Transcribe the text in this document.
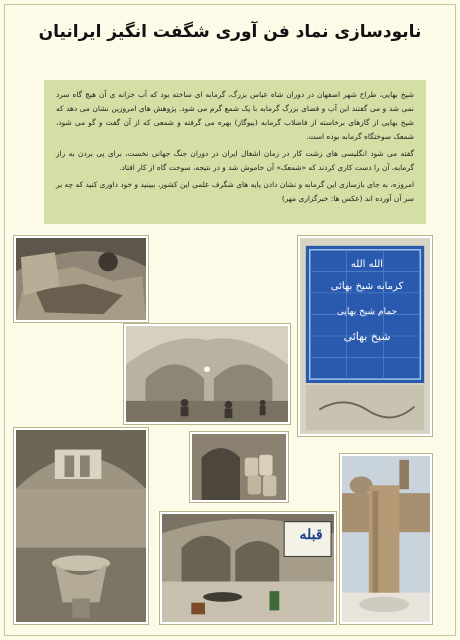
نابودسازی نماد فن آوری شگفت انگیز ایرانیان

شیخ بهایی، طراح شهر اصفهان در دوران شاه عباس بزرگ، گرمابه ای ساخته بود که آب خزانه ی آن هیچ گاه سرد نمی شد و می گفتند این آب و فضای بزرگ گرمابه با یک شمع گرم می شود. پژوهش های امروزین نشان می دهد که شیخ بهایی از گازهای برخاسته از فاضلاب گرمابه (بیوگاز) بهره می گرفته و شمعی که از آن گفت و گو می شود، شمعک سوختگاه گرمابه بوده است.

گفته می شود انگلیسی های زشت کار در زمان اشغال ایران در دوران جنگ جهانی نخست، برای پی بردن به راز گرمابه، آن را دست کاری کردند که «شمعک» آن خاموش شد و در نتیجه، سوخت گاه از کار افتاد.

امروزه، به جای بازسازی این گرمابه و نشان دادن پایه های شگرف علمی این کشور، ببینید و خود داوری کنید که چه بر سر آن آورده اند (عکس ها: خبرگزاری مهر)

الله الله
کرمابه شیخ بهائی
حمام شیخ بهایی
شیخ بهائی
قبله
